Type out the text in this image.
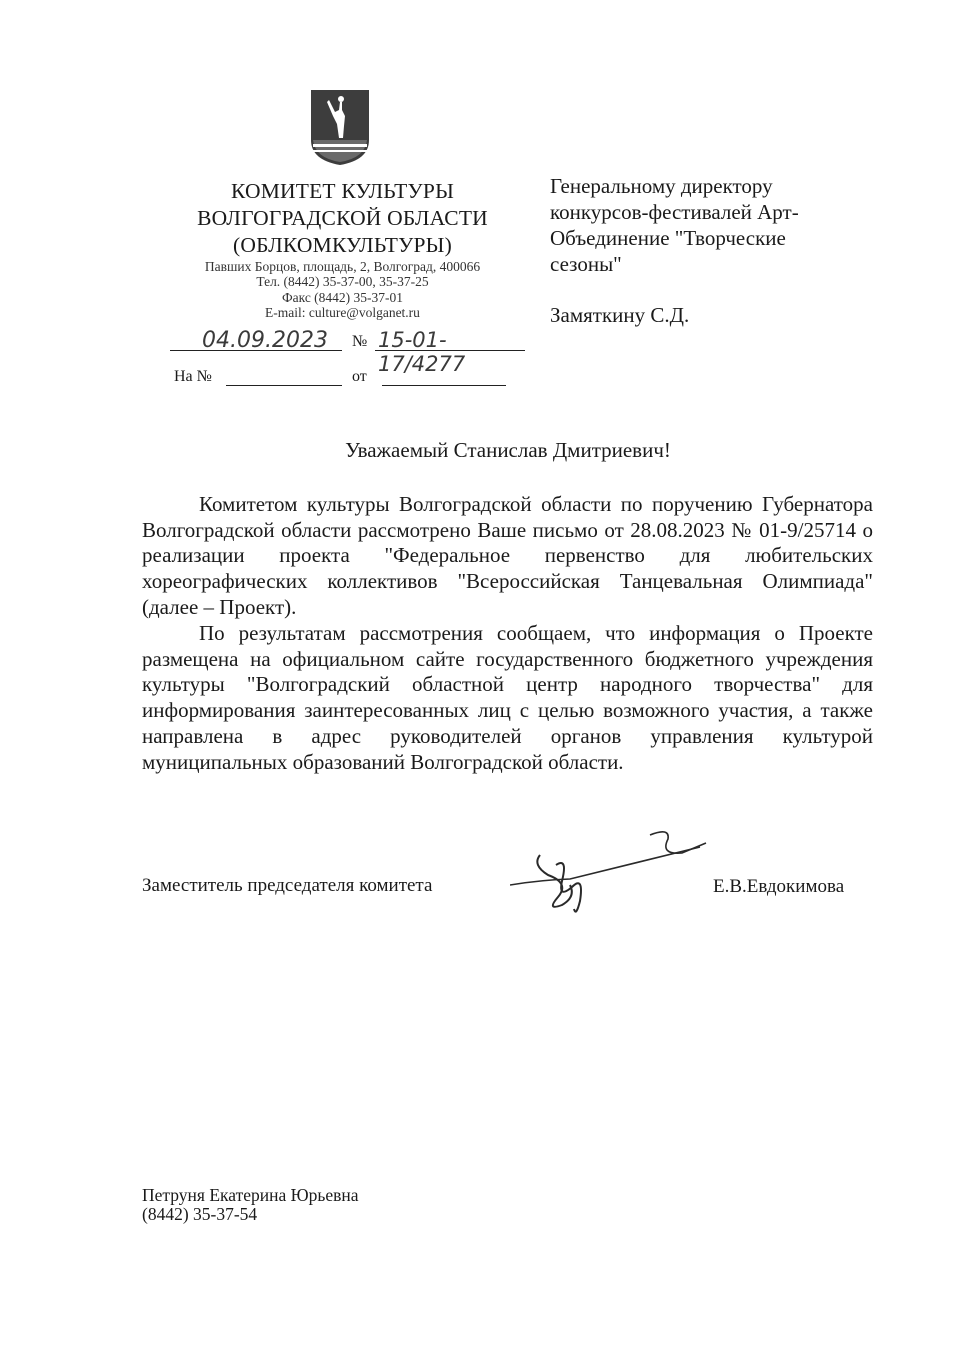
КОМИТЕТ КУЛЬТУРЫ
ВОЛГОГРАДСКОЙ ОБЛАСТИ
(ОБЛКОМКУЛЬТУРЫ)
Павших Борцов, площадь, 2, Волгоград, 400066
Тел. (8442) 35-37-00, 35-37-25
Факс (8442) 35-37-01
E-mail: culture@volganet.ru
04.09.2023 № 15-01-17/4277
На №	от
Генеральному директору
конкурсов-фестивалей Арт-
Объединение "Творческие
сезоны"
Замяткину С.Д.
Уважаемый Станислав Дмитриевич!
Комитетом культуры Волгоградской области по поручению Губернатора Волгоградской области рассмотрено Ваше письмо от 28.08.2023 № 01-9/25714 о реализации проекта "Федеральное первенство для любительских хореографических коллективов "Всероссийская Танцевальная Олимпиада" (далее – Проект).
По результатам рассмотрения сообщаем, что информация о Проекте размещена на официальном сайте государственного бюджетного учреждения культуры "Волгоградский областной центр народного творчества" для информирования заинтересованных лиц с целью возможного участия, а также направлена в адрес руководителей органов управления культурой муниципальных образований Волгоградской области.
Заместитель председателя комитета	Е.В.Евдокимова
Петруня Екатерина Юрьевна
(8442) 35-37-54
